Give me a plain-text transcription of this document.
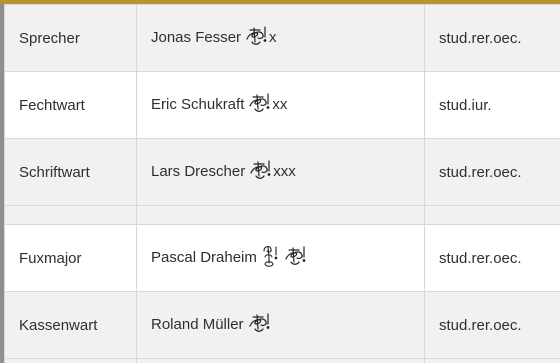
Sprecher	Jonas Fesser x	stud.rer.oec.
Fechtwart	Eric Schukraft xx	stud.iur.
Schriftwart	Lars Drescher xxx	stud.rer.oec.

Fuxmajor	Pascal Draheim	stud.rer.oec.
Kassenwart	Roland Müller	stud.rer.oec.
